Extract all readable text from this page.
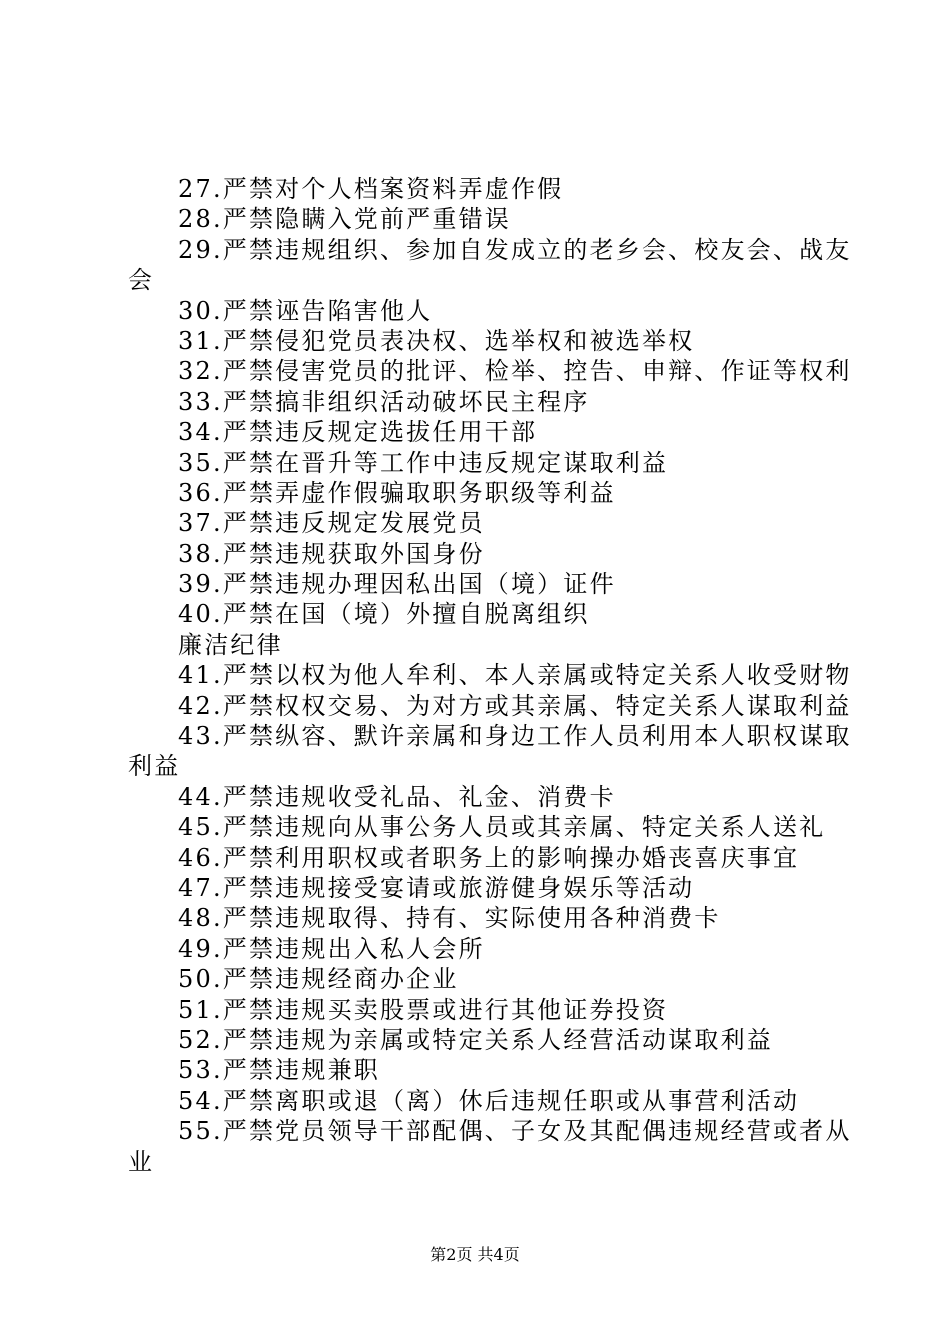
27.严禁对个人档案资料弄虚作假
28.严禁隐瞒入党前严重错误
29.严禁违规组织、参加自发成立的老乡会、校友会、战友
会
30.严禁诬告陷害他人
31.严禁侵犯党员表决权、选举权和被选举权
32.严禁侵害党员的批评、检举、控告、申辩、作证等权利
33.严禁搞非组织活动破坏民主程序
34.严禁违反规定选拔任用干部
35.严禁在晋升等工作中违反规定谋取利益
36.严禁弄虚作假骗取职务职级等利益
37.严禁违反规定发展党员
38.严禁违规获取外国身份
39.严禁违规办理因私出国（境）证件
40.严禁在国（境）外擅自脱离组织
廉洁纪律
41.严禁以权为他人牟利、本人亲属或特定关系人收受财物
42.严禁权权交易、为对方或其亲属、特定关系人谋取利益
43.严禁纵容、默许亲属和身边工作人员利用本人职权谋取
利益
44.严禁违规收受礼品、礼金、消费卡
45.严禁违规向从事公务人员或其亲属、特定关系人送礼
46.严禁利用职权或者职务上的影响操办婚丧喜庆事宜
47.严禁违规接受宴请或旅游健身娱乐等活动
48.严禁违规取得、持有、实际使用各种消费卡
49.严禁违规出入私人会所
50.严禁违规经商办企业
51.严禁违规买卖股票或进行其他证券投资
52.严禁违规为亲属或特定关系人经营活动谋取利益
53.严禁违规兼职
54.严禁离职或退（离）休后违规任职或从事营利活动
55.严禁党员领导干部配偶、子女及其配偶违规经营或者从
业
第2页 共4页
